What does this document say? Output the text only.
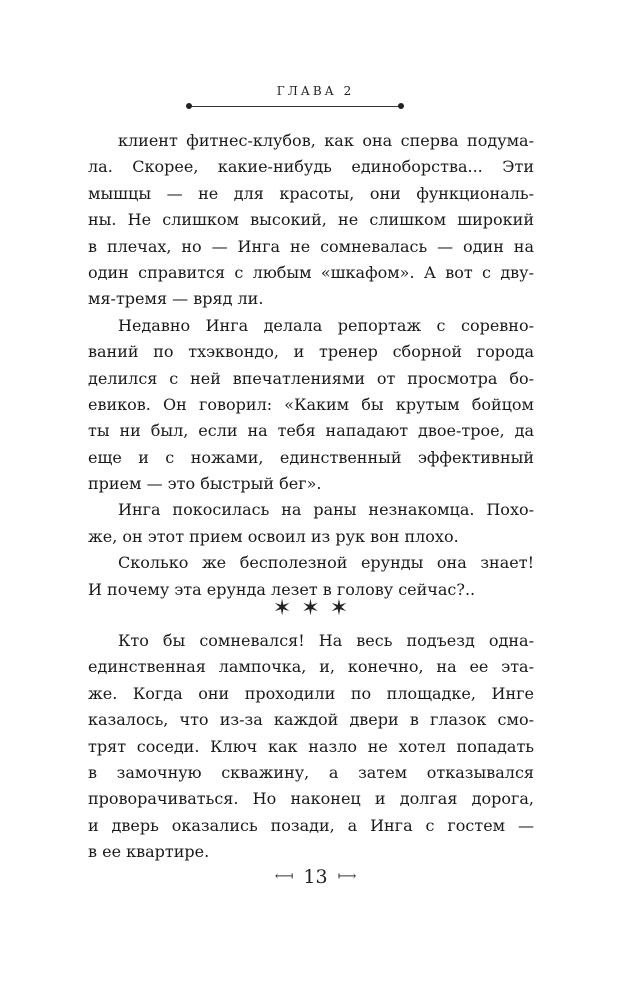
ГЛАВА 2
клиент фитнес-клубов, как она сперва подума-
ла. Скорее, какие-нибудь единоборства... Эти
мышцы — не для красоты, они функциональ-
ны. Не слишком высокий, не слишком широкий
в плечах, но — Инга не сомневалась — один на
один справится с любым «шкафом». А вот с дву-
мя-тремя — вряд ли.
Недавно Инга делала репортаж с соревно-
ваний по тхэквондо, и тренер сборной города
делился с ней впечатлениями от просмотра бо-
евиков. Он говорил: «Каким бы крутым бойцом
ты ни был, если на тебя нападают двое-трое, да
еще и с ножами, единственный эффективный
прием — это быстрый бег».
Инга покосилась на раны незнакомца. Похо-
же, он этот прием освоил из рук вон плохо.
Сколько же бесполезной ерунды она знает!
И почему эта ерунда лезет в голову сейчас?..
✶✶✶
Кто бы сомневался! На весь подъезд одна-
единственная лампочка, и, конечно, на ее эта-
же. Когда они проходили по площадке, Инге
казалось, что из-за каждой двери в глазок смо-
трят соседи. Ключ как назло не хотел попадать
в замочную скважину, а затем отказывался
проворачиваться. Но наконец и долгая дорога,
и дверь оказались позади, а Инга с гостем —
в ее квартире.
⟻ 13 ⟼
